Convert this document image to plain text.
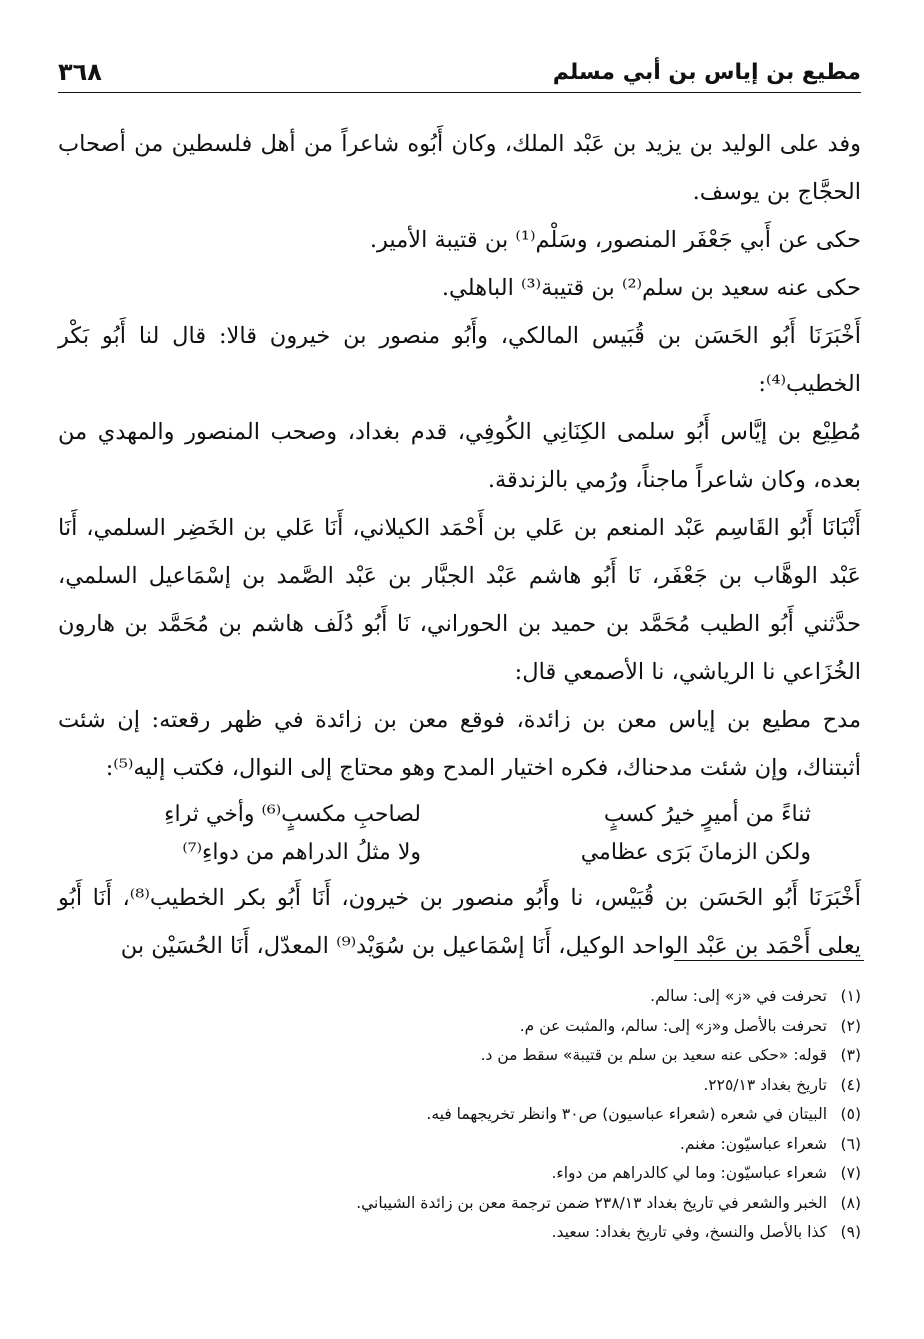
مطيع بن إياس بن أبي مسلم
٣٦٨

وفد على الوليد بن يزيد بن عَبْد الملك، وكان أَبُوه شاعراً من أهل فلسطين من أصحاب الحجَّاج بن يوسف.

حكى عن أَبي جَعْفَر المنصور، وسَلْم⁽¹⁾ بن قتيبة الأمير.

حكى عنه سعيد بن سلم⁽²⁾ بن قتيبة⁽³⁾ الباهلي.

أَخْبَرَنَا أَبُو الحَسَن بن قُبَيس المالكي، وأَبُو منصور بن خيرون قالا: قال لنا أَبُو بَكْر الخطيب⁽⁴⁾:

مُطِيْع بن إيَّاس أَبُو سلمى الكِنَانِي الكُوفِي، قدم بغداد، وصحب المنصور والمهدي من بعده، وكان شاعراً ماجناً، ورُمي بالزندقة.

أَنْبَانَا أَبُو القَاسِم عَبْد المنعم بن عَلي بن أَحْمَد الكيلاني، أَنَا عَلي بن الخَضِر السلمي، أَنَا عَبْد الوهَّاب بن جَعْفَر، نَا أَبُو هاشم عَبْد الجبَّار بن عَبْد الصَّمد بن إسْمَاعيل السلمي، حدَّثني أَبُو الطيب مُحَمَّد بن حميد بن الحوراني، نَا أَبُو دُلَف هاشم بن مُحَمَّد بن هارون الخُزَاعي نا الرياشي، نا الأصمعي قال:

مدح مطيع بن إياس معن بن زائدة، فوقع معن بن زائدة في ظهر رقعته: إن شئت أثبتناك، وإن شئت مدحناك، فكره اختيار المدح وهو محتاج إلى النوال، فكتب إليه⁽⁵⁾:

ثناءً من أميرٍ خيرُ كسبٍ
لصاحبِ مكسبٍ⁽⁶⁾ وأخي ثراءِ
ولكن الزمانَ بَرَى عظامي
ولا مثلُ الدراهم من دواءِ⁽⁷⁾

أَخْبَرَنَا أَبُو الحَسَن بن قُبَيْس، نا وأَبُو منصور بن خيرون، أَنَا أَبُو بكر الخطيب⁽⁸⁾، أَنَا أَبُو يعلى أَحْمَد بن عَبْد الواحد الوكيل، أَنَا إسْمَاعيل بن سُوَيْد⁽⁹⁾ المعدّل، أَنَا الحُسَيْن بن

(١)
تحرفت في «ز» إلى: سالم.
(٢)
تحرفت بالأصل و«ز» إلى: سالم، والمثبت عن م.
(٣)
قوله: «حكى عنه سعيد بن سلم بن قتيبة» سقط من د.
(٤)
تاريخ بغداد ٢٢٥/١٣.
(٥)
البيتان في شعره (شعراء عباسيون) ص٣٠ وانظر تخريجهما فيه.
(٦)
شعراء عباسيّون: مغنم.
(٧)
شعراء عباسيّون: وما لي كالدراهم من دواء.
(٨)
الخبر والشعر في تاريخ بغداد ٢٣٨/١٣ ضمن ترجمة معن بن زائدة الشيباني.
(٩)
كذا بالأصل والنسخ، وفي تاريخ بغداد: سعيد.
